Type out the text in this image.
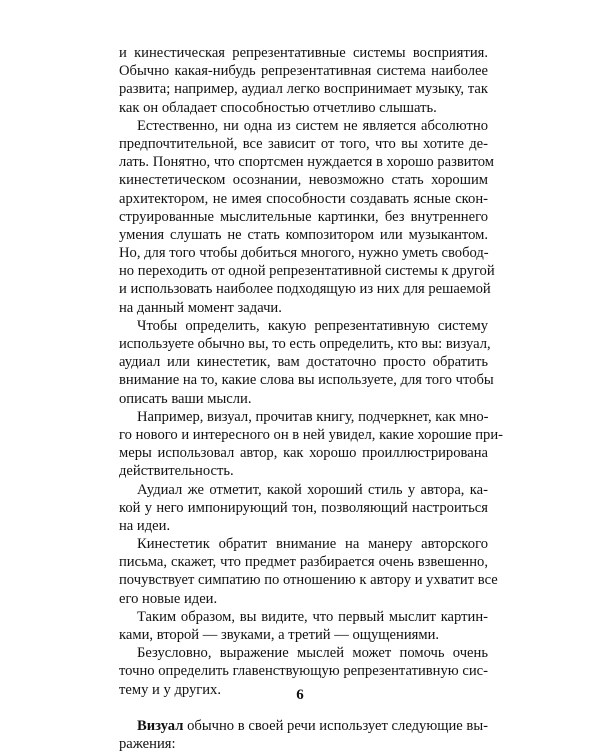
и кинестическая репрезентативные системы восприятия.
Обычно какая-нибудь репрезентативная система наиболее
развита; например, аудиал легко воспринимает музыку, так
как он обладает способностью отчетливо слышать.
Естественно, ни одна из систем не является абсолютно
предпочтительной, все зависит от того, что вы хотите де-
лать. Понятно, что спортсмен нуждается в хорошо развитом
кинестетическом осознании, невозможно стать хорошим
архитектором, не имея способности создавать ясные скон-
струированные мыслительные картинки, без внутреннего
умения слушать не стать композитором или музыкантом.
Но, для того чтобы добиться многого, нужно уметь свобод-
но переходить от одной репрезентативной системы к другой
и использовать наиболее подходящую из них для решаемой
на данный момент задачи.
Чтобы определить, какую репрезентативную систему
используете обычно вы, то есть определить, кто вы: визуал,
аудиал или кинестетик, вам достаточно просто обратить
внимание на то, какие слова вы используете, для того чтобы
описать ваши мысли.
Например, визуал, прочитав книгу, подчеркнет, как мно-
го нового и интересного он в ней увидел, какие хорошие при-
меры использовал автор, как хорошо проиллюстрирована
действительность.
Аудиал же отметит, какой хороший стиль у автора, ка-
кой у него импонирующий тон, позволяющий настроиться
на идеи.
Кинестетик обратит внимание на манеру авторского
письма, скажет, что предмет разбирается очень взвешенно,
почувствует симпатию по отношению к автору и ухватит все
его новые идеи.
Таким образом, вы видите, что первый мыслит картин-
ками, второй — звуками, а третий — ощущениями.
Безусловно, выражение мыслей может помочь очень
точно определить главенствующую репрезентативную сис-
тему и у других.
Визуал обычно в своей речи использует следующие вы-
ражения:
6
